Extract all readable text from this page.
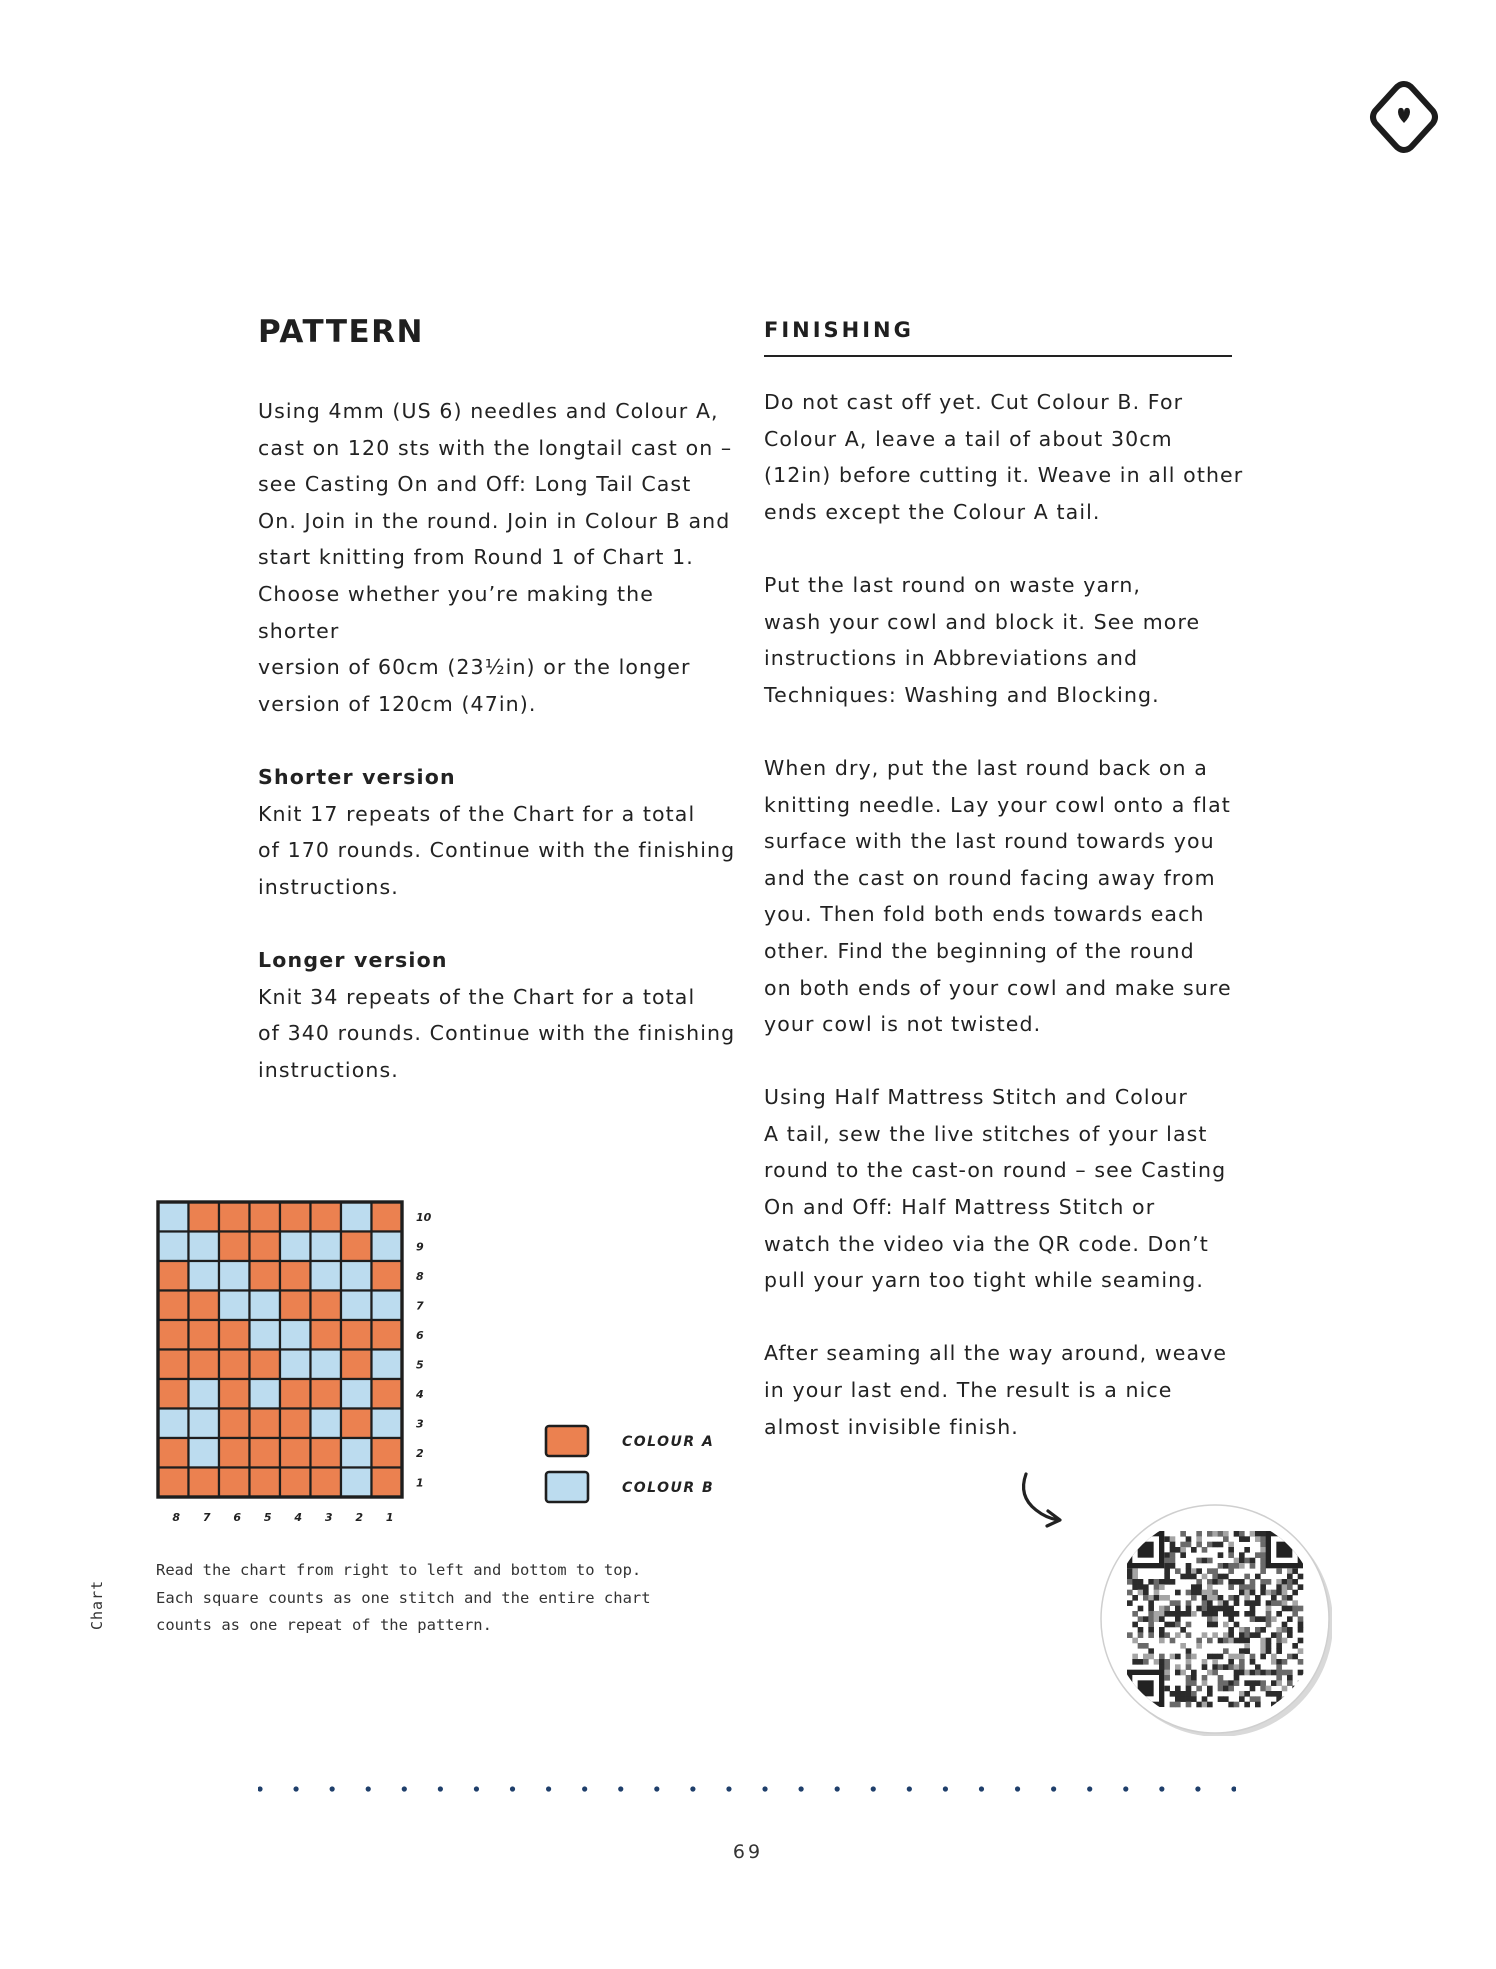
PATTERN

Using 4mm (US 6) needles and Colour A,

cast on 120 sts with the longtail cast on –

see Casting On and Off: Long Tail Cast

On. Join in the round. Join in Colour B and

start knitting from Round 1 of Chart 1.

Choose whether you’re making the shorter

version of 60cm (23½in) or the longer

version of 120cm (47in).

Shorter version

Knit 17 repeats of the Chart for a total

of 170 rounds. Continue with the finishing

instructions.

Longer version

Knit 34 repeats of the Chart for a total

of 340 rounds. Continue with the finishing

instructions.

FINISHING

Do not cast off yet. Cut Colour B. For

Colour A, leave a tail of about 30cm

(12in) before cutting it. Weave in all other

ends except the Colour A tail.

Put the last round on waste yarn,

wash your cowl and block it. See more

instructions in Abbreviations and

Techniques: Washing and Blocking.

When dry, put the last round back on a

knitting needle. Lay your cowl onto a flat

surface with the last round towards you

and the cast on round facing away from

you. Then fold both ends towards each

other. Find the beginning of the round

on both ends of your cowl and make sure

your cowl is not twisted.

Using Half Mattress Stitch and Colour

A tail, sew the live stitches of your last

round to the cast-on round – see Casting

On and Off: Half Mattress Stitch or

watch the video via the QR code. Don’t

pull your yarn too tight while seaming.

After seaming all the way around, weave

in your last end. The result is a nice

almost invisible finish.

1
2
3
4
5
6
7
8
9
10
8 7 6 5 4 3 2 1
COLOUR A
COLOUR B
Chart

Read the chart from right to left and bottom to top.

Each square counts as one stitch and the entire chart

counts as one repeat of the pattern.

69
